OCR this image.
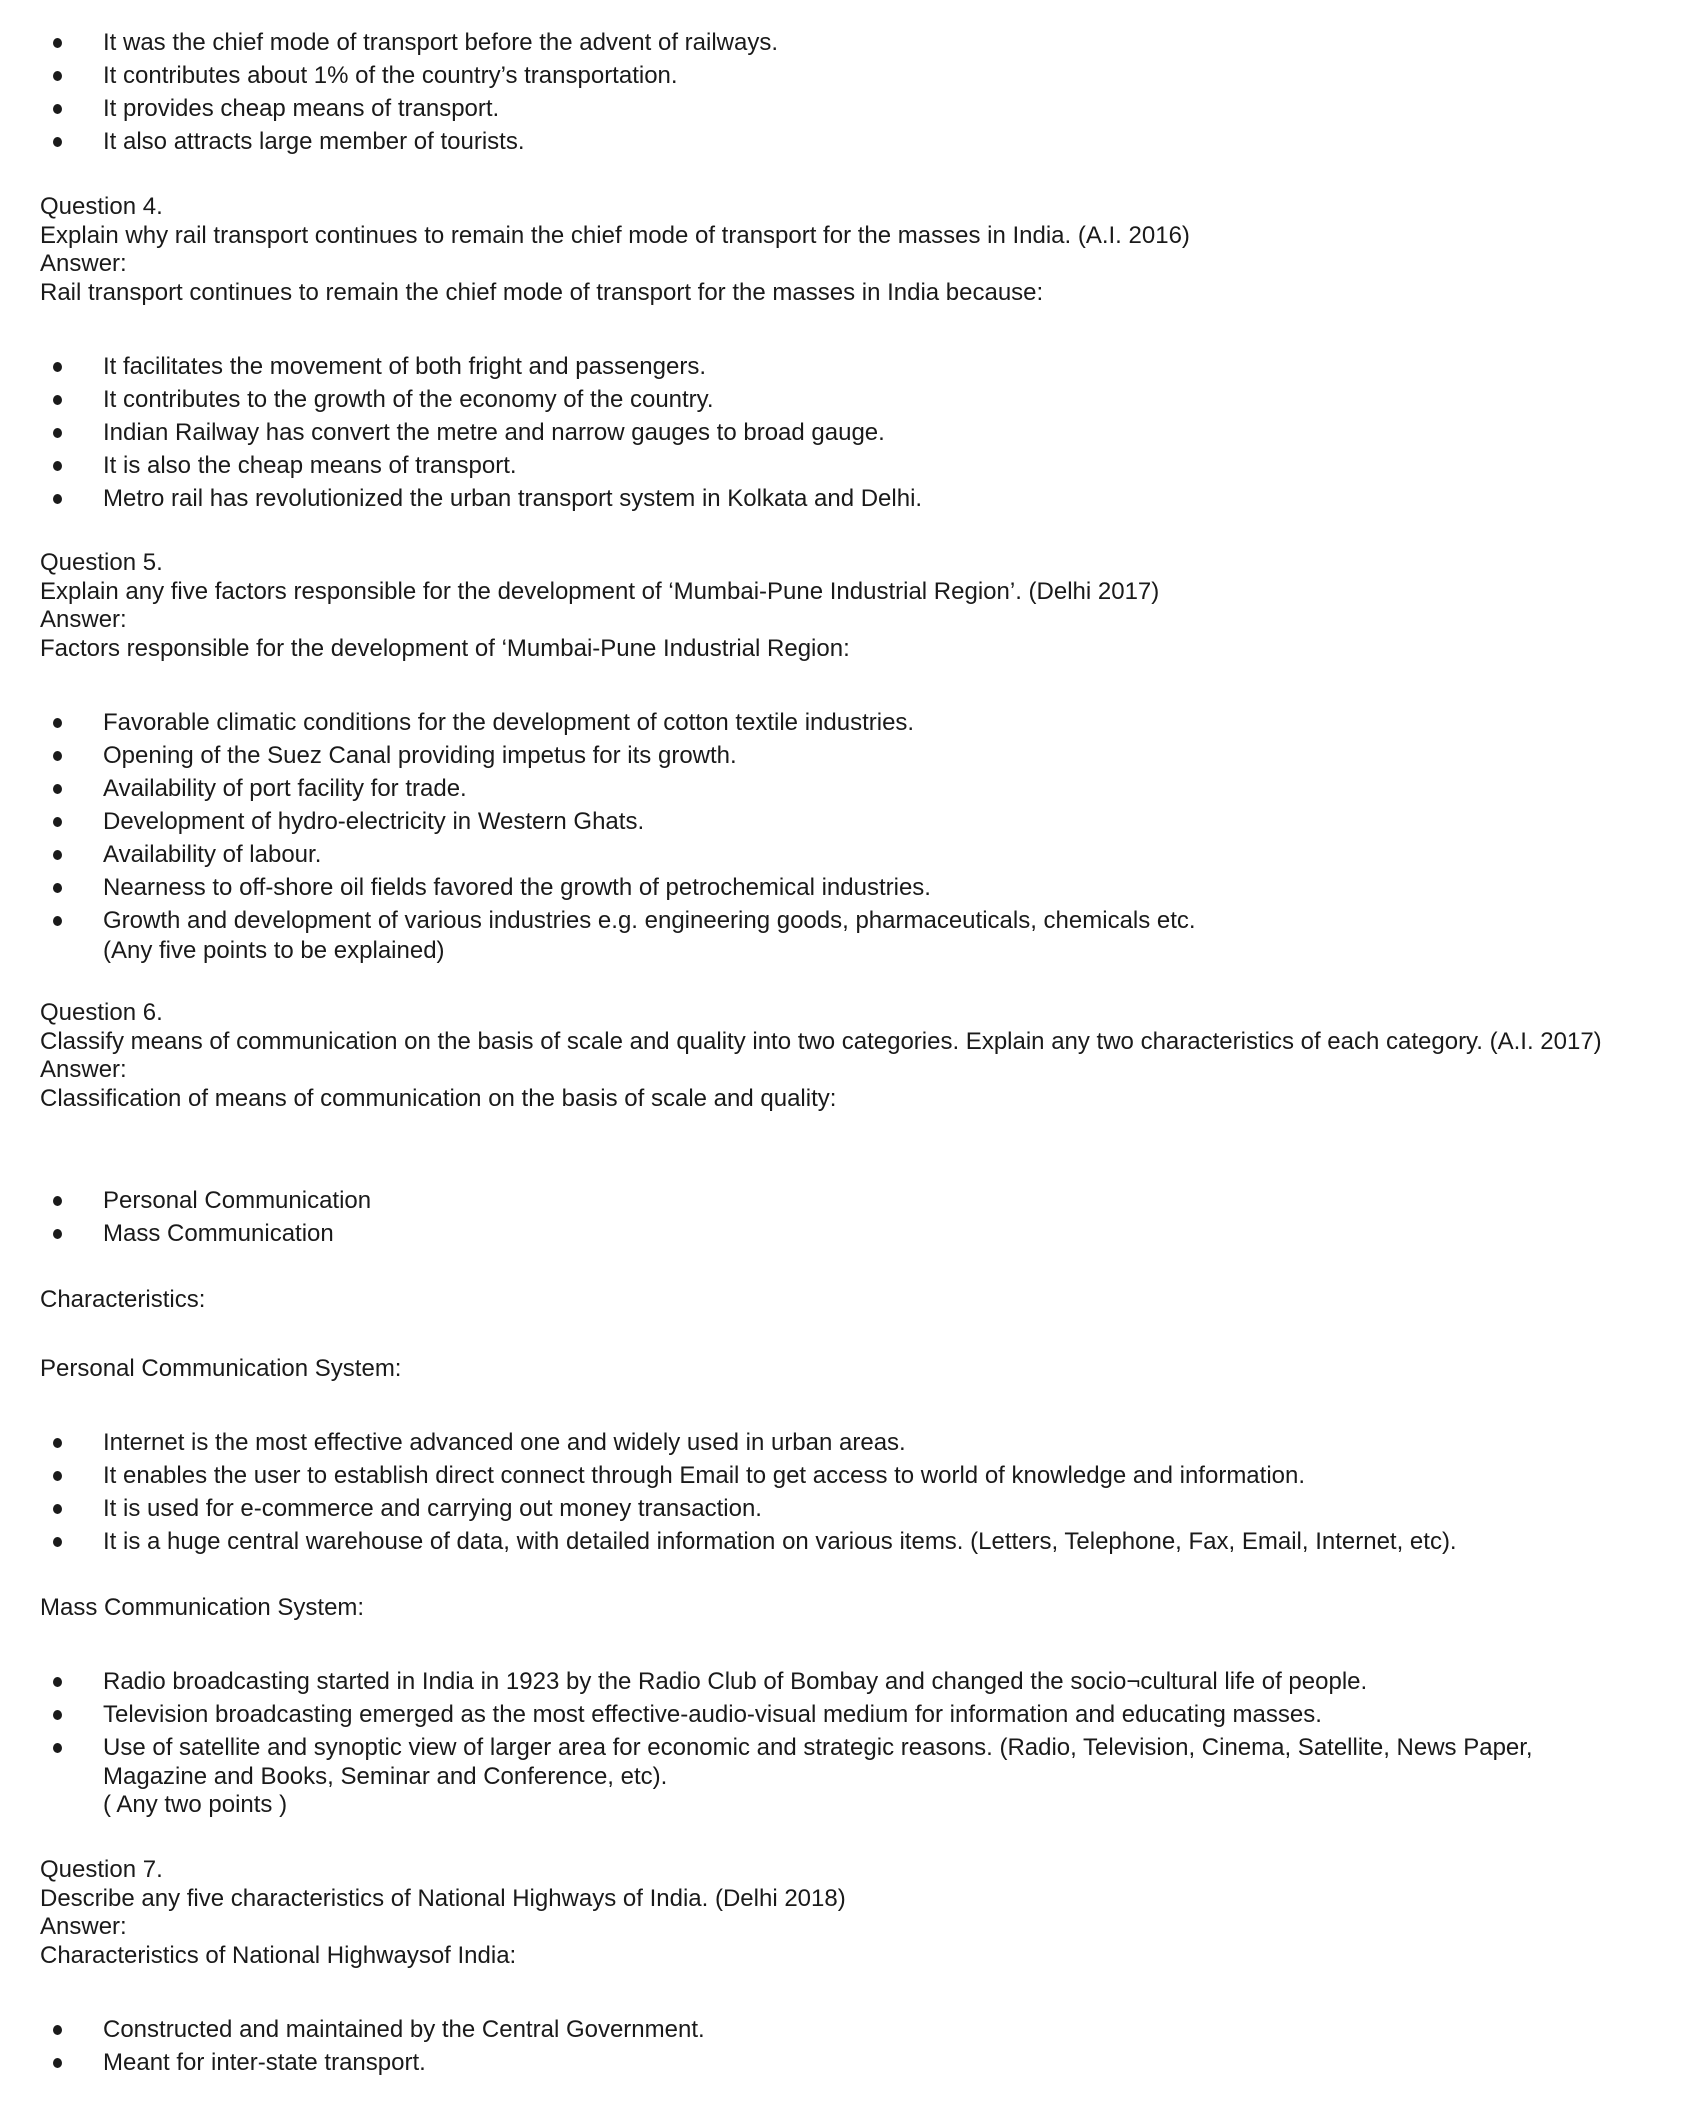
It was the chief mode of transport before the advent of railways.
It contributes about 1% of the country’s transportation.
It provides cheap means of transport.
It also attracts large member of tourists.
Question 4.
Explain why rail transport continues to remain the chief mode of transport for the masses in India. (A.I. 2016)
Answer:
Rail transport continues to remain the chief mode of transport for the masses in India because:
It facilitates the movement of both fright and passengers.
It contributes to the growth of the economy of the country.
Indian Railway has convert the metre and narrow gauges to broad gauge.
It is also the cheap means of transport.
Metro rail has revolutionized the urban transport system in Kolkata and Delhi.
Question 5.
Explain any five factors responsible for the development of ‘Mumbai-Pune Industrial Region’. (Delhi 2017)
Answer:
Factors responsible for the development of ‘Mumbai-Pune Industrial Region:
Favorable climatic conditions for the development of cotton textile industries.
Opening of the Suez Canal providing impetus for its growth.
Availability of port facility for trade.
Development of hydro-electricity in Western Ghats.
Availability of labour.
Nearness to off-shore oil fields favored the growth of petrochemical industries.
Growth and development of various industries e.g. engineering goods, pharmaceuticals, chemicals etc.
(Any five points to be explained)
Question 6.
Classify means of communication on the basis of scale and quality into two categories. Explain any two characteristics of each category. (A.I. 2017)
Answer:
Classification of means of communication on the basis of scale and quality:
Personal Communication
Mass Communication
Characteristics:
Personal Communication System:
Internet is the most effective advanced one and widely used in urban areas.
It enables the user to establish direct connect through Email to get access to world of knowledge and information.
It is used for e-commerce and carrying out money transaction.
It is a huge central warehouse of data, with detailed information on various items. (Letters, Telephone, Fax, Email, Internet, etc).
Mass Communication System:
Radio broadcasting started in India in 1923 by the Radio Club of Bombay and changed the socio¬cultural life of people.
Television broadcasting emerged as the most effective-audio-visual medium for information and educating masses.
Use of satellite and synoptic view of larger area for economic and strategic reasons. (Radio, Television, Cinema, Satellite, News Paper, Magazine and Books, Seminar and Conference, etc).
( Any two points )
Question 7.
Describe any five characteristics of National Highways of India. (Delhi 2018)
Answer:
Characteristics of National Highwaysof India:
Constructed and maintained by the Central Government.
Meant for inter-state transport.
